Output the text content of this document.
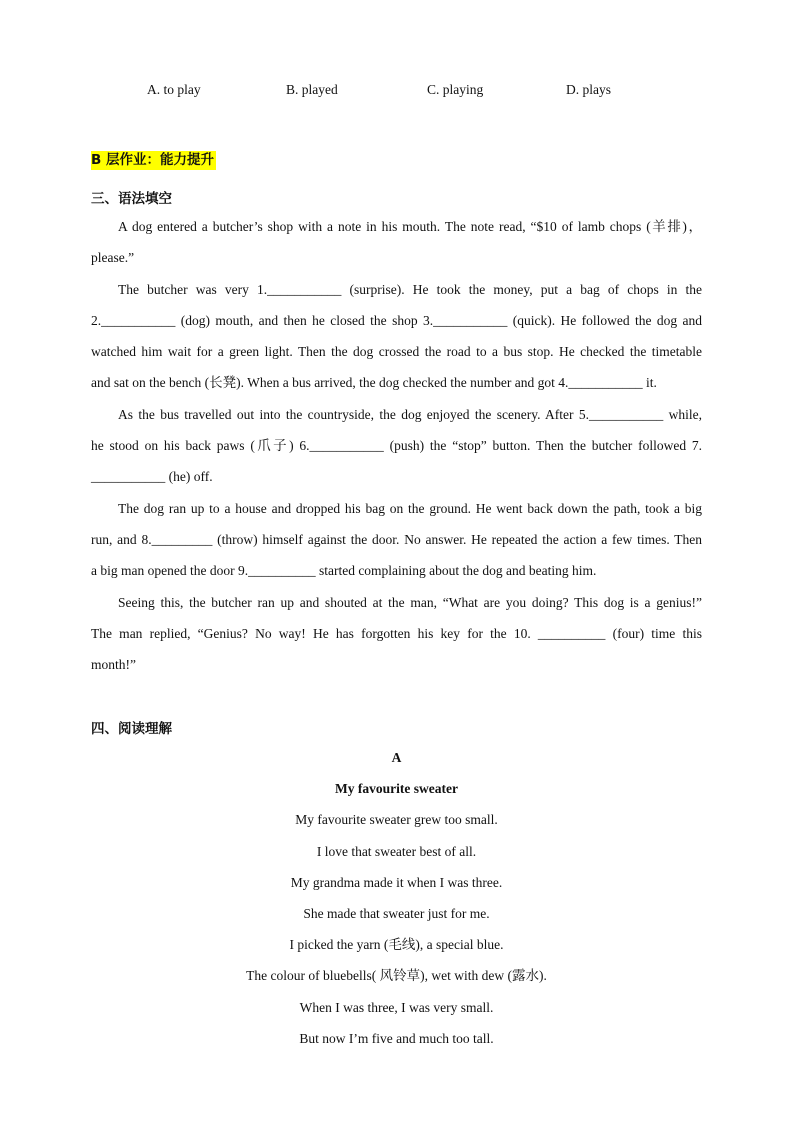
A. to play	B. played	C. playing	D. plays
B 层作业：能力提升
三、语法填空
A dog entered a butcher’s shop with a note in his mouth. The note read, “$10 of lamb chops (羊排)，
please.”
The butcher was very 1.___________ (surprise). He took the money, put a bag of chops in the
2.___________ (dog) mouth, and then he closed the shop 3.___________ (quick). He followed the dog and
watched him wait for a green light. Then the dog crossed the road to a bus stop. He checked the timetable
and sat on the bench (长凳). When a bus arrived, the dog checked the number and got 4.___________ it.
As the bus travelled out into the countryside, the dog enjoyed the scenery. After 5.___________ while,
he stood on his back paws (爪子) 6.___________ (push) the “stop” button. Then the butcher followed 7.
___________ (he) off.
The dog ran up to a house and dropped his bag on the ground. He went back down the path, took a big
run, and 8._________ (throw) himself against the door. No answer. He repeated the action a few times. Then
a big man opened the door 9.__________ started complaining about the dog and beating him.
Seeing this, the butcher ran up and shouted at the man, “What are you doing? This dog is a genius!”
The man replied, “Genius? No way! He has forgotten his key for the 10. __________ (four) time this
month!”
四、阅读理解
A
My favourite sweater
My favourite sweater grew too small.
I love that sweater best of all.
My grandma made it when I was three.
She made that sweater just for me.
I picked the yarn (毛线), a special blue.
The colour of bluebells( 风铃草), wet with dew (露水).
When I was three, I was very small.
But now I’m five and much too tall.
